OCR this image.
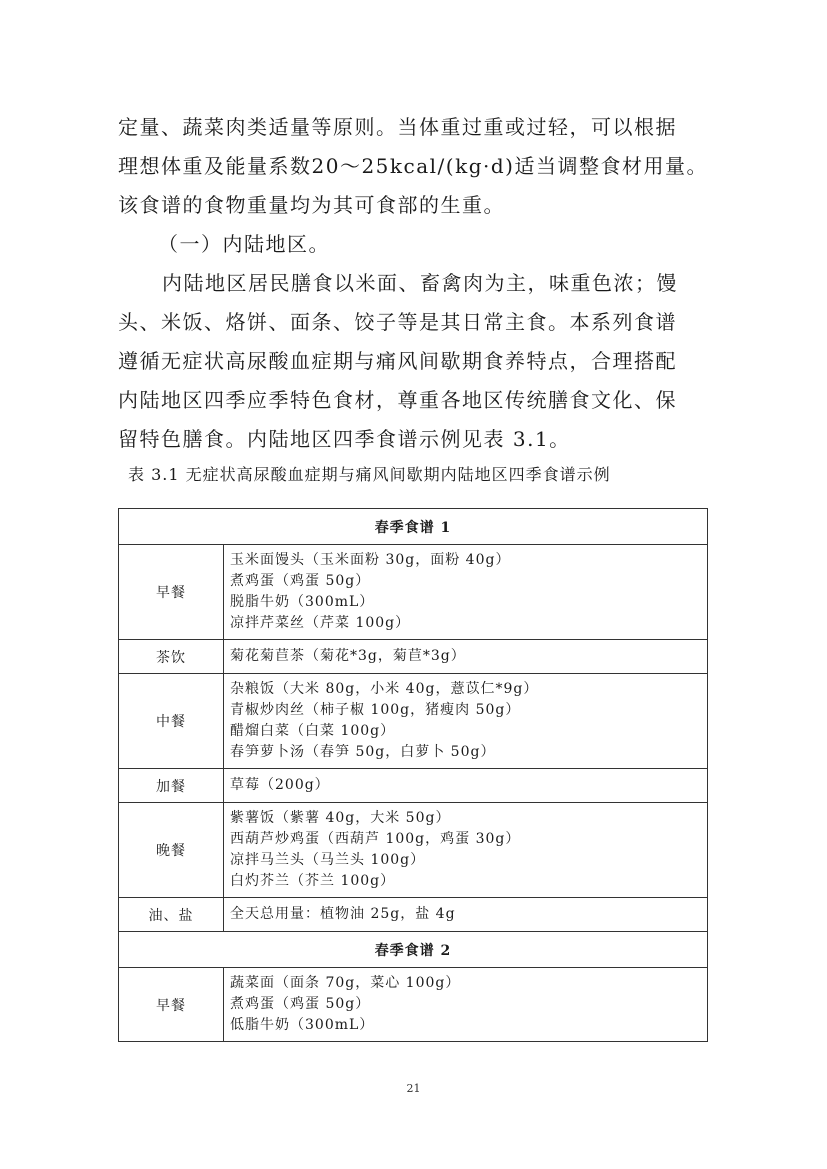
定量、蔬菜肉类适量等原则。当体重过重或过轻，可以根据
理想体重及能量系数20～25kcal/(kg·d)适当调整食材用量。
该食谱的食物重量均为其可食部的生重。
（一）内陆地区。
内陆地区居民膳食以米面、畜禽肉为主，味重色浓；馒
头、米饭、烙饼、面条、饺子等是其日常主食。本系列食谱
遵循无症状高尿酸血症期与痛风间歇期食养特点，合理搭配
内陆地区四季应季特色食材，尊重各地区传统膳食文化、保
留特色膳食。内陆地区四季食谱示例见表 3.1。
表 3.1 无症状高尿酸血症期与痛风间歇期内陆地区四季食谱示例
春季食谱 1	
早餐	玉米面馒头（玉米面粉 30g，面粉 40g）
煮鸡蛋（鸡蛋 50g）
脱脂牛奶（300mL）
凉拌芹菜丝（芹菜 100g）

茶饮	菊花菊苣茶（菊花*3g，菊苣*3g）

中餐	杂粮饭（大米 80g，小米 40g，薏苡仁*9g）
青椒炒肉丝（柿子椒 100g，猪瘦肉 50g）
醋熘白菜（白菜 100g）
春笋萝卜汤（春笋 50g，白萝卜 50g）

加餐	草莓（200g）

晚餐	紫薯饭（紫薯 40g，大米 50g）
西葫芦炒鸡蛋（西葫芦 100g，鸡蛋 30g）
凉拌马兰头（马兰头 100g）
白灼芥兰（芥兰 100g）

油、盐	全天总用量：植物油 25g，盐 4g

春季食谱 2	
早餐	蔬菜面（面条 70g，菜心 100g）
煮鸡蛋（鸡蛋 50g）
低脂牛奶（300mL）
21
